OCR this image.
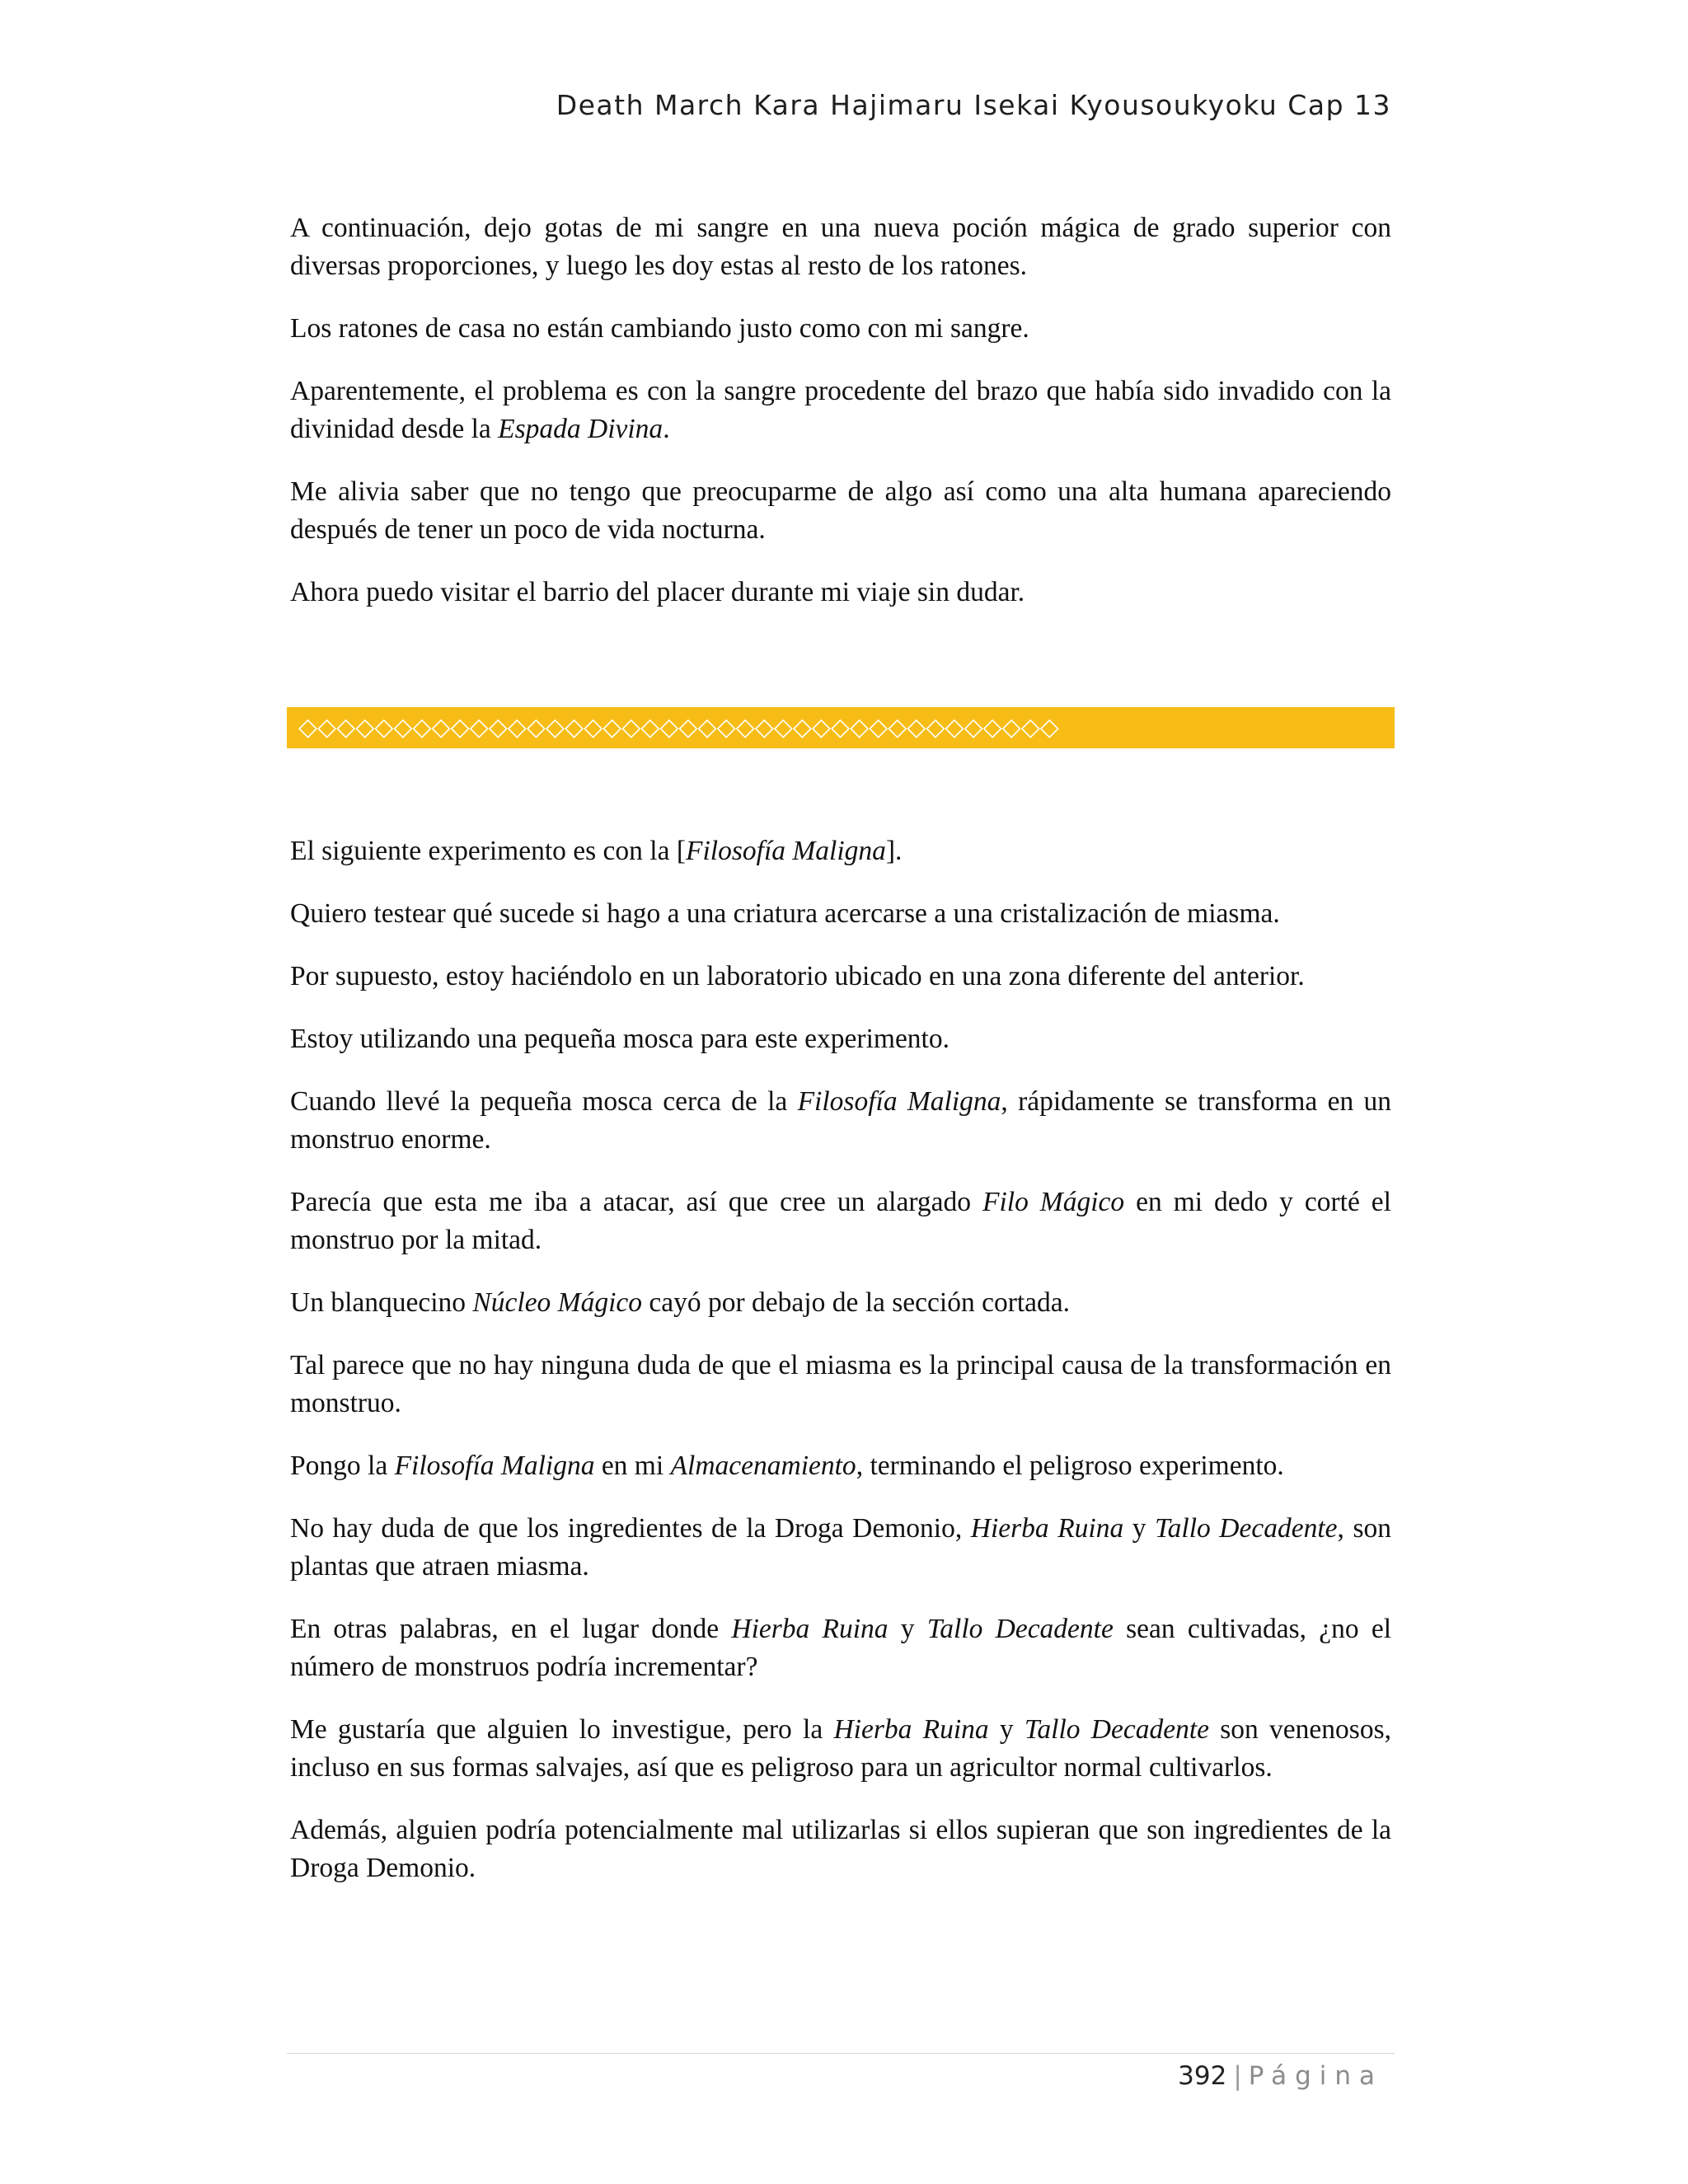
Death March Kara Hajimaru Isekai Kyousoukyoku Cap 13

A continuación, dejo gotas de mi sangre en una nueva poción mágica de grado superior con diversas proporciones, y luego les doy estas al resto de los ratones.

Los ratones de casa no están cambiando justo como con mi sangre.

Aparentemente, el problema es con la sangre procedente del brazo que había sido invadido con la divinidad desde la Espada Divina.

Me alivia saber que no tengo que preocuparme de algo así como una alta humana apareciendo después de tener un poco de vida nocturna.

Ahora puedo visitar el barrio del placer durante mi viaje sin dudar.

◇◇◇◇◇◇◇◇◇◇◇◇◇◇◇◇◇◇◇◇◇◇◇◇◇◇◇◇◇◇◇◇◇◇◇◇◇◇◇◇

El siguiente experimento es con la [Filosofía Maligna].

Quiero testear qué sucede si hago a una criatura acercarse a una cristalización de miasma.

Por supuesto, estoy haciéndolo en un laboratorio ubicado en una zona diferente del anterior.

Estoy utilizando una pequeña mosca para este experimento.

Cuando llevé la pequeña mosca cerca de la Filosofía Maligna, rápidamente se transforma en un monstruo enorme.

Parecía que esta me iba a atacar, así que cree un alargado Filo Mágico en mi dedo y corté el monstruo por la mitad.

Un blanquecino Núcleo Mágico cayó por debajo de la sección cortada.

Tal parece que no hay ninguna duda de que el miasma es la principal causa de la transformación en monstruo.

Pongo la Filosofía Maligna en mi Almacenamiento, terminando el peligroso experimento.

No hay duda de que los ingredientes de la Droga Demonio, Hierba Ruina y Tallo Decadente, son plantas que atraen miasma.

En otras palabras, en el lugar donde Hierba Ruina y Tallo Decadente sean cultivadas, ¿no el número de monstruos podría incrementar?

Me gustaría que alguien lo investigue, pero la Hierba Ruina y Tallo Decadente son venenosos, incluso en sus formas salvajes, así que es peligroso para un agricultor normal cultivarlos.

Además, alguien podría potencialmente mal utilizarlas si ellos supieran que son ingredientes de la Droga Demonio.

392 | Página
